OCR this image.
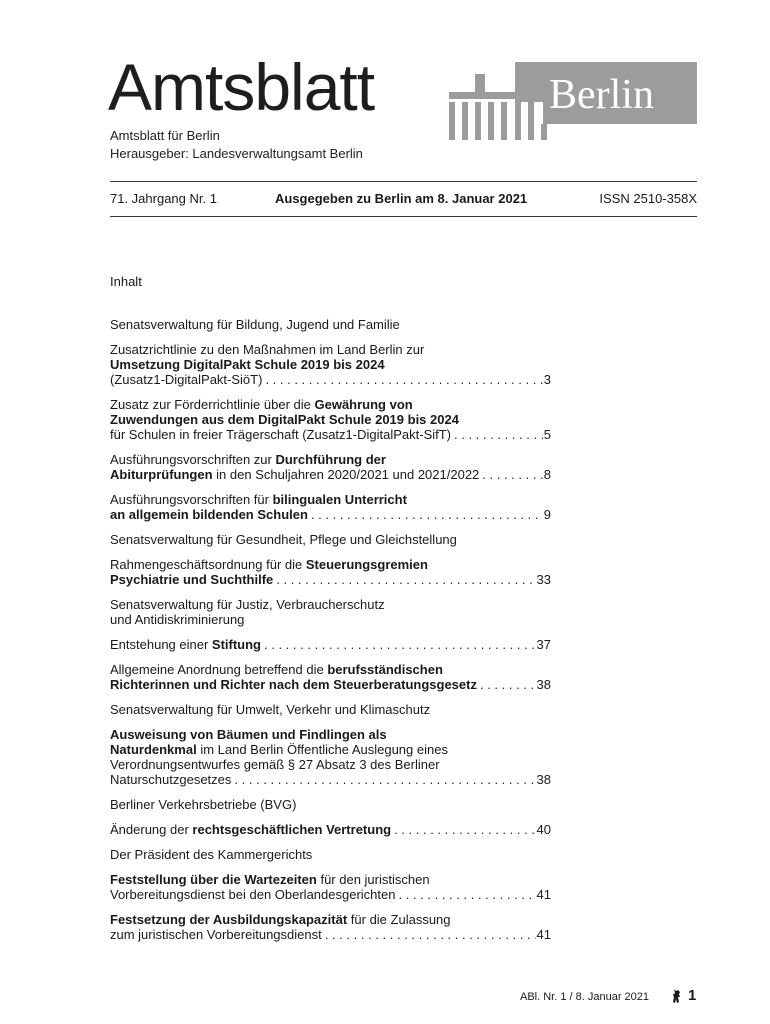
Amtsblatt
Amtsblatt für Berlin
Herausgeber: Landesverwaltungsamt Berlin
Berlin
71. Jahrgang Nr. 1	Ausgegeben zu Berlin am 8. Januar 2021	ISSN 2510-358X
Inhalt
Senatsverwaltung für Bildung, Jugend und Familie
Zusatzrichtlinie zu den Maßnahmen im Land Berlin zur
Umsetzung DigitalPakt Schule 2019 bis 2024
(Zusatz1-DigitalPakt-SiöT) . . .	3
Zusatz zur Förderrichtlinie über die Gewährung von
Zuwendungen aus dem DigitalPakt Schule 2019 bis 2024
für Schulen in freier Trägerschaft (Zusatz1-DigitalPakt-SifT) . . .	5
Ausführungsvorschriften zur Durchführung der
Abiturprüfungen in den Schuljahren 2020/2021 und 2021/2022 . . .	8
Ausführungsvorschriften für bilingualen Unterricht
an allgemein bildenden Schulen . . .	9
Senatsverwaltung für Gesundheit, Pflege und Gleichstellung
Rahmengeschäftsordnung für die Steuerungsgremien
Psychiatrie und Suchthilfe . . .	33
Senatsverwaltung für Justiz, Verbraucherschutz
und Antidiskriminierung
Entstehung einer Stiftung . . .	37
Allgemeine Anordnung betreffend die berufsständischen
Richterinnen und Richter nach dem Steuerberatungsgesetz . . .	38
Senatsverwaltung für Umwelt, Verkehr und Klimaschutz
Ausweisung von Bäumen und Findlingen als
Naturdenkmal im Land Berlin Öffentliche Auslegung eines
Verordnungsentwurfes gemäß § 27 Absatz 3 des Berliner
Naturschutzgesetzes . . .	38
Berliner Verkehrsbetriebe (BVG)
Änderung der rechtsgeschäftlichen Vertretung . . .	40
Der Präsident des Kammergerichts
Feststellung über die Wartezeiten für den juristischen
Vorbereitungsdienst bei den Oberlandesgerichten . . .	41
Festsetzung der Ausbildungskapazität für die Zulassung
zum juristischen Vorbereitungsdienst . . .	41
ABl. Nr. 1 / 8. Januar 2021	1
